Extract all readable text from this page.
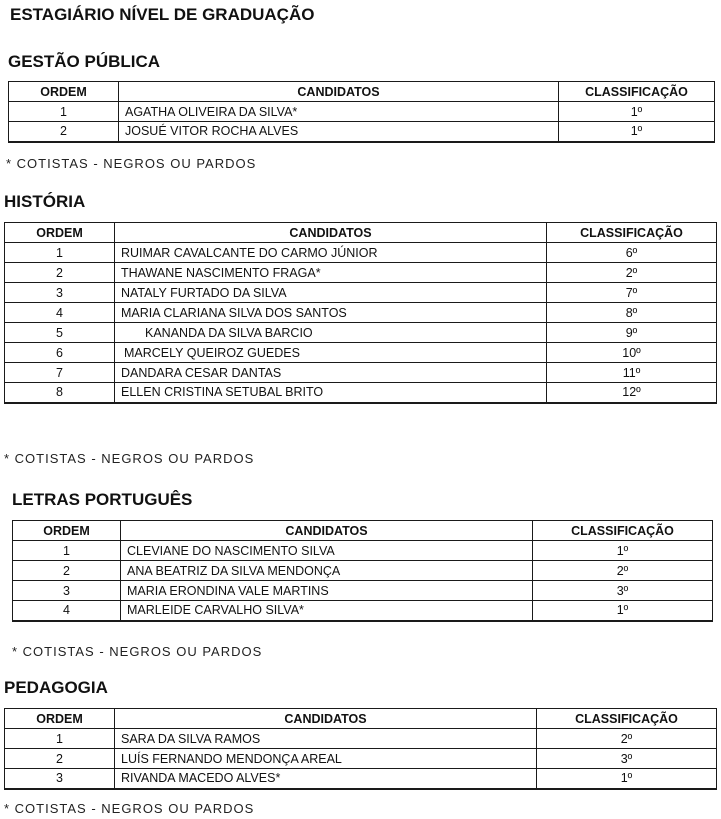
ESTAGIÁRIO NÍVEL DE GRADUAÇÃO
GESTÃO PÚBLICA
ORDEM	CANDIDATOS	CLASSIFICAÇÃO
1	AGATHA OLIVEIRA DA SILVA*	1º
2	JOSUÉ VITOR ROCHA ALVES	1º
* COTISTAS - NEGROS OU PARDOS
HISTÓRIA
ORDEM	CANDIDATOS	CLASSIFICAÇÃO
1	RUIMAR CAVALCANTE DO CARMO JÚNIOR	6º
2	THAWANE NASCIMENTO FRAGA*	2º
3	NATALY FURTADO DA SILVA	7º
4	MARIA CLARIANA SILVA DOS SANTOS	8º
5	KANANDA DA SILVA BARCIO	9º
6	MARCELY QUEIROZ GUEDES	10º
7	DANDARA CESAR DANTAS	11º
8	ELLEN CRISTINA SETUBAL BRITO	12º
* COTISTAS - NEGROS OU PARDOS
LETRAS PORTUGUÊS
ORDEM	CANDIDATOS	CLASSIFICAÇÃO
1	CLEVIANE DO NASCIMENTO SILVA	1º
2	ANA BEATRIZ DA SILVA MENDONÇA	2º
3	MARIA ERONDINA VALE MARTINS	3º
4	MARLEIDE CARVALHO SILVA*	1º
* COTISTAS - NEGROS OU PARDOS
PEDAGOGIA
ORDEM	CANDIDATOS	CLASSIFICAÇÃO
1	SARA DA SILVA RAMOS	2º
2	LUÍS FERNANDO MENDONÇA AREAL	3º
3	RIVANDA MACEDO ALVES*	1º
* COTISTAS - NEGROS OU PARDOS
